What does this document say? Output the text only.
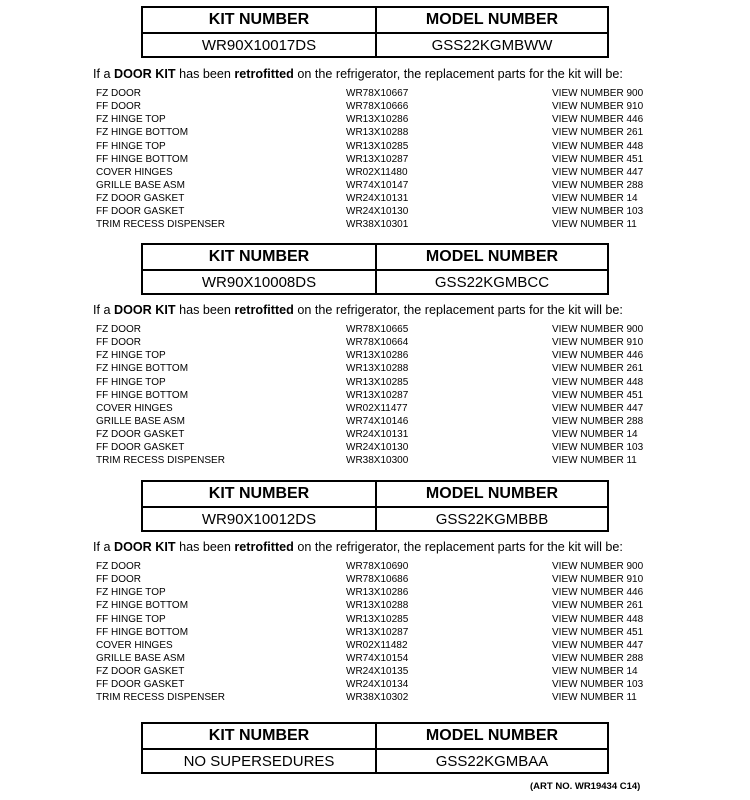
KIT NUMBER	MODEL NUMBER
WR90X10017DS	GSS22KGMBWW
If a DOOR KIT has been retrofitted on the refrigerator, the replacement parts for the kit will be:
FZ DOOR	WR78X10667	VIEW NUMBER 900
FF DOOR	WR78X10666	VIEW NUMBER 910
FZ HINGE TOP	WR13X10286	VIEW NUMBER 446
FZ HINGE BOTTOM	WR13X10288	VIEW NUMBER 261
FF HINGE TOP	WR13X10285	VIEW NUMBER 448
FF HINGE BOTTOM	WR13X10287	VIEW NUMBER 451
COVER HINGES	WR02X11480	VIEW NUMBER 447
GRILLE BASE ASM	WR74X10147	VIEW NUMBER 288
FZ DOOR GASKET	WR24X10131	VIEW NUMBER 14
FF DOOR GASKET	WR24X10130	VIEW NUMBER 103
TRIM RECESS DISPENSER	WR38X10301	VIEW NUMBER 11
KIT NUMBER	MODEL NUMBER
WR90X10008DS	GSS22KGMBCC
If a DOOR KIT has been retrofitted on the refrigerator, the replacement parts for the kit will be:
FZ DOOR	WR78X10665	VIEW NUMBER 900
FF DOOR	WR78X10664	VIEW NUMBER 910
FZ HINGE TOP	WR13X10286	VIEW NUMBER 446
FZ HINGE BOTTOM	WR13X10288	VIEW NUMBER 261
FF HINGE TOP	WR13X10285	VIEW NUMBER 448
FF HINGE BOTTOM	WR13X10287	VIEW NUMBER 451
COVER HINGES	WR02X11477	VIEW NUMBER 447
GRILLE BASE ASM	WR74X10146	VIEW NUMBER 288
FZ DOOR GASKET	WR24X10131	VIEW NUMBER 14
FF DOOR GASKET	WR24X10130	VIEW NUMBER 103
TRIM RECESS DISPENSER	WR38X10300	VIEW NUMBER 11
KIT NUMBER	MODEL NUMBER
WR90X10012DS	GSS22KGMBBB
If a DOOR KIT has been retrofitted on the refrigerator, the replacement parts for the kit will be:
FZ DOOR	WR78X10690	VIEW NUMBER 900
FF DOOR	WR78X10686	VIEW NUMBER 910
FZ HINGE TOP	WR13X10286	VIEW NUMBER 446
FZ HINGE BOTTOM	WR13X10288	VIEW NUMBER 261
FF HINGE TOP	WR13X10285	VIEW NUMBER 448
FF HINGE BOTTOM	WR13X10287	VIEW NUMBER 451
COVER HINGES	WR02X11482	VIEW NUMBER 447
GRILLE BASE ASM	WR74X10154	VIEW NUMBER 288
FZ DOOR GASKET	WR24X10135	VIEW NUMBER 14
FF DOOR GASKET	WR24X10134	VIEW NUMBER 103
TRIM RECESS DISPENSER	WR38X10302	VIEW NUMBER 11
KIT NUMBER	MODEL NUMBER
NO SUPERSEDURES	GSS22KGMBAA
(ART NO. WR19434 C14)
